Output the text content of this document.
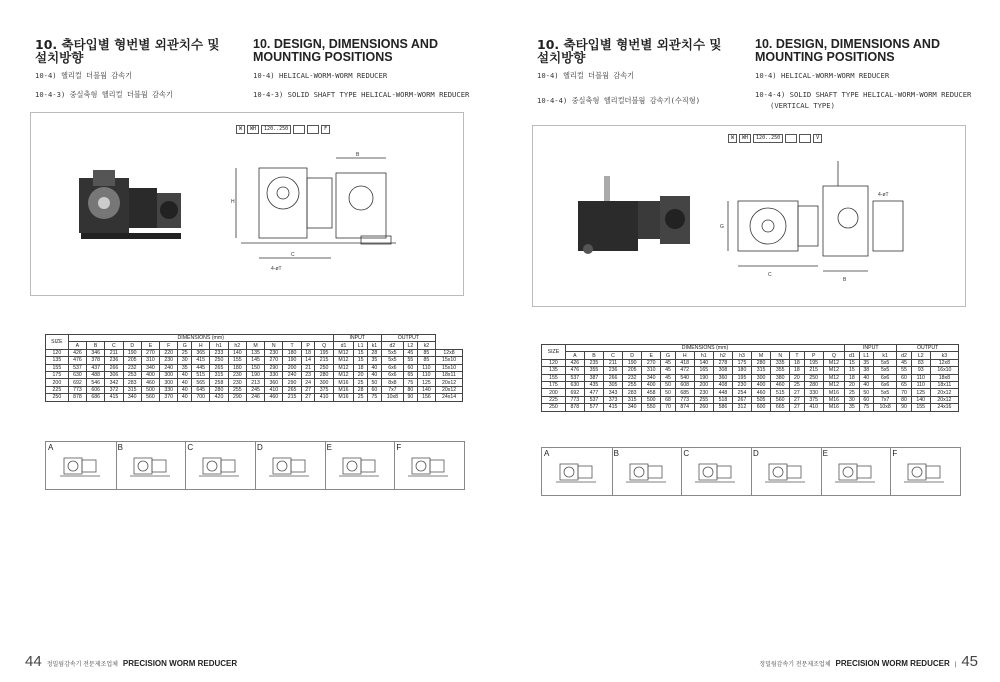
10. 축타입별 형번별 외관치수 및 설치방향
10. DESIGN, DIMENSIONS AND MOUNTING POSITIONS
10-4) 헬리컬 더블웜 감속기
10-4-3) 중실축형 헬리컬 더블웜 감속기
10-4) HELICAL-WORM-WORM REDUCER
10-4-3) SOLID SHAFT TYPE HELICAL-WORM-WORM REDUCER
W	WH	120..250	F
C
B
H
4-øT
SIZE	DIMENSIONS (mm)															INPUT			OUTPUT			
	A	B	C	D	E	F	G	H	h1	h2	M	N	T	P	Q	d1	L1	k1	d2	L2	k2	
120	426	346	211	190	270	220	25	365	233	140	135	230	180	18	195	M12	15	28	5x5	45	85	12x8
135	476	378	236	205	310	230	30	415	250	155	145	270	190	14	215	M12	15	35	5x5	55	85	15x10
155	537	437	266	232	340	240	35	445	265	180	150	290	200	21	250	M12	18	40	6x6	60	110	15x10
175	630	488	306	253	400	300	40	515	315	230	190	330	240	23	280	M12	20	40	6x6	65	110	18x11
200	692	546	342	283	460	300	40	565	258	230	213	360	290	24	300	M16	25	50	8x8	75	125	20x12
225	773	606	372	315	500	330	40	645	280	255	245	410	265	27	375	M16	28	60	7x7	80	140	20x12
250	878	686	415	340	560	370	40	700	420	290	246	460	215	27	410	M16	25	75	10x8	90	156	24x14
A	B	C	D	E	F
44 정밀웜감속기 전문제조업체 PRECISION WORM REDUCER
10. 축타입별 형번별 외관치수 및 설치방향
10. DESIGN, DIMENSIONS AND MOUNTING POSITIONS
10-4) 헬리컬 더블웜 감속기
10-4-4) 중실축형 헬리컬더블웜 감속기(수직형)
10-4) HELICAL-WORM-WORM REDUCER
10-4-4) SOLID SHAFT TYPE HELICAL-WORM-WORM REDUCER
(VERTICAL TYPE)
W	WH	120..250	V
C
B
4-øT
G
SIZE	DIMENSIONS (mm)															INPUT			OUTPUT		
	A	B	C	D	E	G	H	h1	h2	h3	M	N	T	P	Q	d1	L1	k1	d2	L2	k3
120	426	235	211	190	270	45	418	140	278	175	280	335	18	195	M12	15	35	5x5	45	83	12x8
135	476	355	236	205	310	45	472	165	308	180	315	355	18	215	M12	15	38	5x5	55	93	16x10
155	537	387	266	232	340	45	540	190	360	195	300	380	20	250	M12	18	40	6x6	60	110	18x8
175	630	435	305	255	400	50	608	200	408	230	400	460	25	280	M12	20	40	6x6	65	110	18x11
200	692	477	343	283	458	50	685	230	448	254	460	515	27	330	M16	25	50	5x5	70	125	20x12
225	773	537	373	315	500	68	773	255	518	267	505	560	27	375	M16	30	60	7x7	80	140	20x12
250	878	577	415	340	550	70	874	260	586	312	600	665	27	410	M16	35	75	10x8	90	155	24x16
A	B	C	D	E	F
정밀웜감속기 전문제조업체 PRECISION WORM REDUCER | 45
